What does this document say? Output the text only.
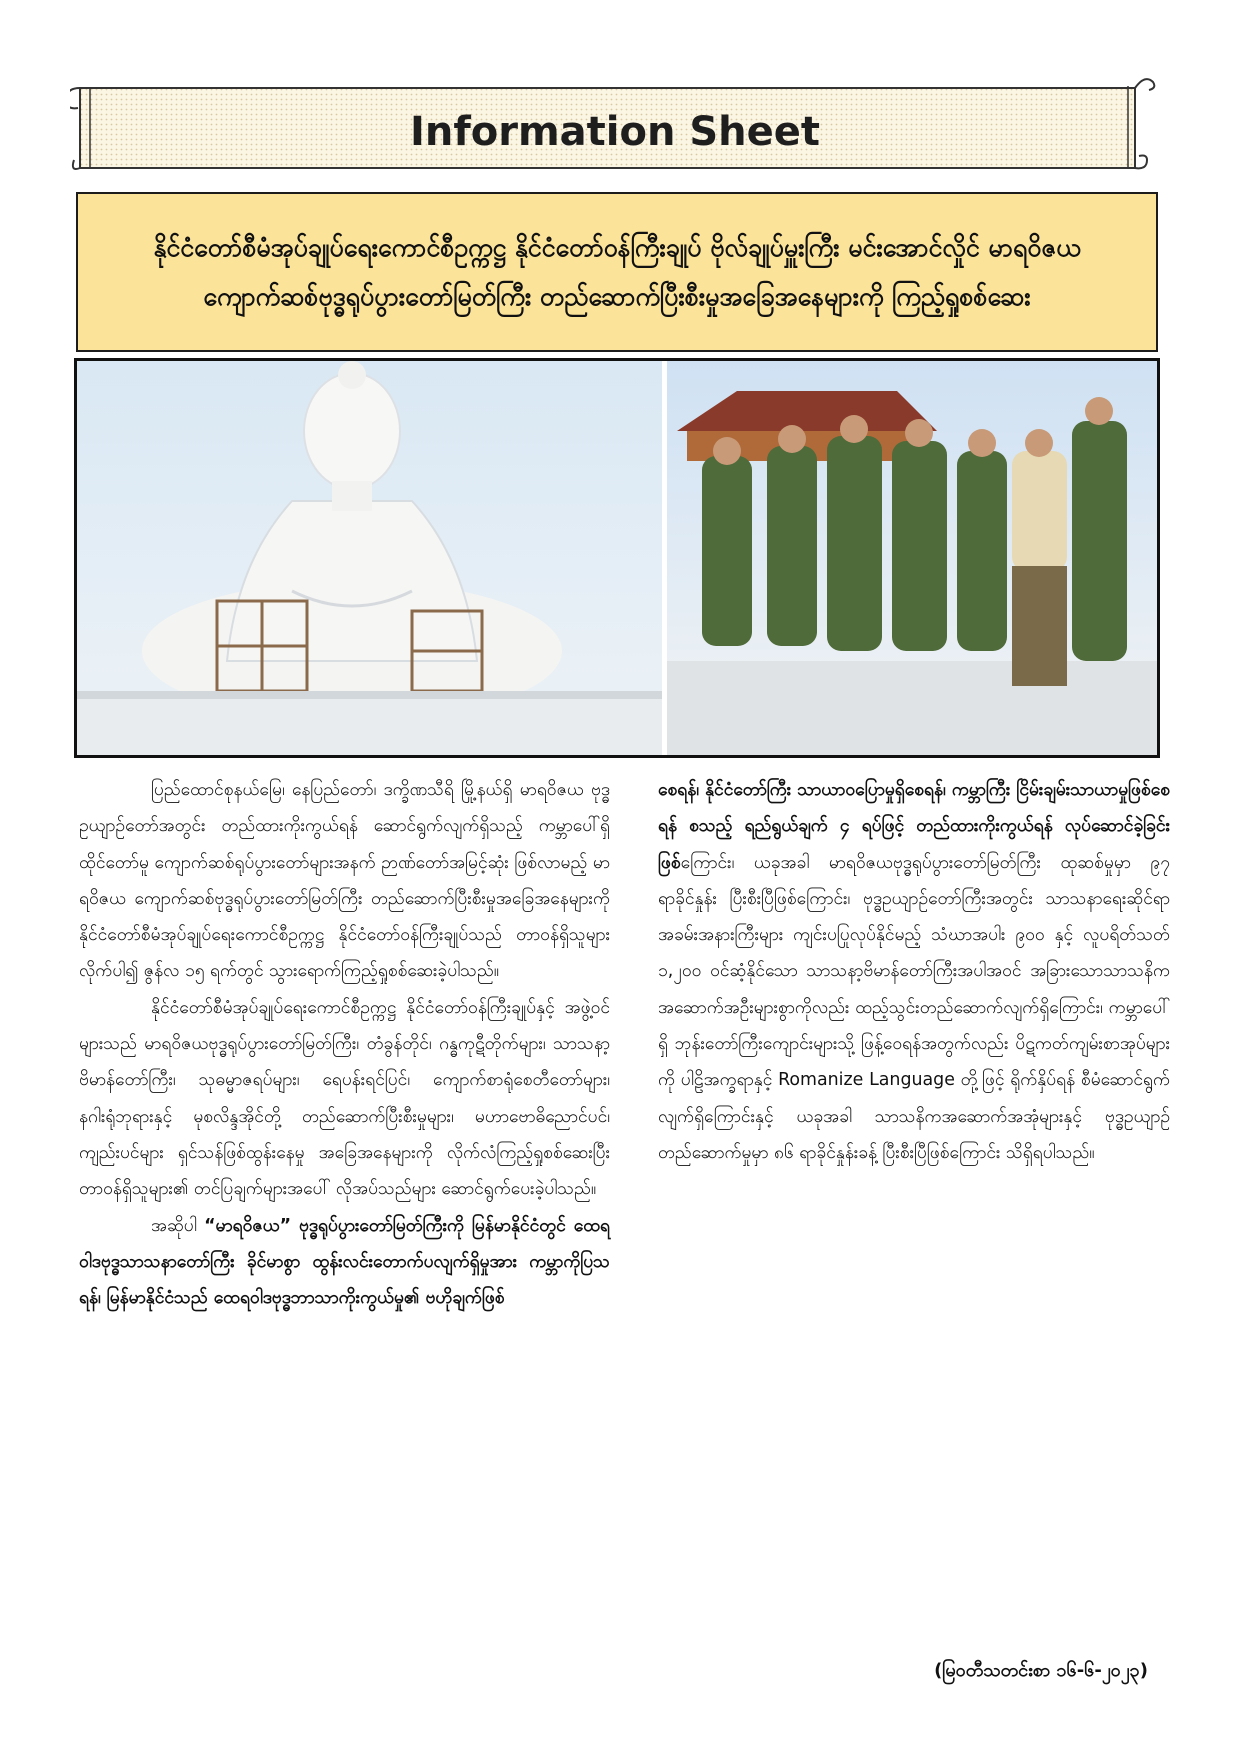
Information Sheet
နိုင်ငံတော်စီမံအုပ်ချုပ်ရေးကောင်စီဥက္ကဋ္ဌ နိုင်ငံတော်ဝန်ကြီးချုပ် ဗိုလ်ချုပ်မှူးကြီး မင်းအောင်လှိုင် မာရဝိဇယ ကျောက်ဆစ်ဗုဒ္ဓရုပ်ပွားတော်မြတ်ကြီး တည်ဆောက်ပြီးစီးမှုအခြေအနေများကို ကြည့်ရှုစစ်ဆေး

ပြည်ထောင်စုနယ်မြေ၊ နေပြည်တော်၊ ဒက္ခိဏသီရိ မြို့နယ်ရှိ မာရဝိဇယ ဗုဒ္ဓဥယျာဉ်တော်အတွင်း တည်ထားကိုးကွယ်ရန် ဆောင်ရွက်လျက်ရှိသည့် ကမ္ဘာပေါ်ရှိ ထိုင်တော်မူ ကျောက်ဆစ်ရုပ်ပွားတော်များအနက် ဉာဏ်တော်အမြင့်ဆုံး ဖြစ်လာမည့် မာရဝိဇယ ကျောက်ဆစ်ဗုဒ္ဓရုပ်ပွားတော်မြတ်ကြီး တည်ဆောက်ပြီးစီးမှုအခြေအနေများကို နိုင်ငံတော်စီမံအုပ်ချုပ်ရေးကောင်စီဥက္ကဋ္ဌ နိုင်ငံတော်ဝန်ကြီးချုပ်သည် တာဝန်ရှိသူများလိုက်ပါ၍ ဇွန်လ ၁၅ ရက်တွင် သွားရောက်ကြည့်ရှုစစ်ဆေးခဲ့ပါသည်။

နိုင်ငံတော်စီမံအုပ်ချုပ်ရေးကောင်စီဥက္ကဋ္ဌ နိုင်ငံတော်ဝန်ကြီးချုပ်နှင့် အဖွဲ့ဝင်များသည် မာရဝိဇယဗုဒ္ဓရုပ်ပွားတော်မြတ်ကြီး၊ တံခွန်တိုင်၊ ဂန္ဓကုဋီတိုက်များ၊ သာသနာ့ဗိမာန်တော်ကြီး၊ သုဓမ္မာဇရပ်များ၊ ရေပန်းရင်ပြင်၊ ကျောက်စာရုံစေတီတော်များ၊ နဂါးရုံဘုရားနှင့် မုစလိန္ဒအိုင်တို့ တည်ဆောက်ပြီးစီးမှုများ၊ မဟာဗောဓိညောင်ပင်၊ ကျည်းပင်များ ရှင်သန်ဖြစ်ထွန်းနေမှု အခြေအနေများကို လိုက်လံကြည့်ရှုစစ်ဆေးပြီး တာဝန်ရှိသူများ၏ တင်ပြချက်များအပေါ် လိုအပ်သည်များ ဆောင်ရွက်ပေးခဲ့ပါသည်။

အဆိုပါ “မာရဝိဇယ” ဗုဒ္ဓရုပ်ပွားတော်မြတ်ကြီးကို မြန်မာနိုင်ငံတွင် ထေရဝါဒဗုဒ္ဓသာသနာတော်ကြီး ခိုင်မာစွာ ထွန်းလင်းတောက်ပလျက်ရှိမှုအား ကမ္ဘာကိုပြသရန်၊ မြန်မာနိုင်ငံသည် ထေရဝါဒဗုဒ္ဓဘာသာကိုးကွယ်မှု၏ ဗဟိုချက်ဖြစ်

စေရန်၊ နိုင်ငံတော်ကြီး သာယာဝပြောမှုရှိစေရန်၊ ကမ္ဘာကြီး ငြိမ်းချမ်းသာယာမှုဖြစ်စေရန် စသည့် ရည်ရွယ်ချက် ၄ ရပ်ဖြင့် တည်ထားကိုးကွယ်ရန် လုပ်ဆောင်ခဲ့ခြင်းဖြစ်ကြောင်း၊ ယခုအခါ မာရဝိဇယဗုဒ္ဓရုပ်ပွားတော်မြတ်ကြီး ထုဆစ်မှုမှာ ၉၇ ရာခိုင်နှုန်း ပြီးစီးပြီဖြစ်ကြောင်း၊ ဗုဒ္ဓဥယျာဉ်တော်ကြီးအတွင်း သာသနာရေးဆိုင်ရာ အခမ်းအနားကြီးများ ကျင်းပပြုလုပ်နိုင်မည့် သံဃာအပါး ၉၀၀ နှင့် လူပရိတ်သတ် ၁,၂၀၀ ဝင်ဆံ့နိုင်သော သာသနာ့ဗိမာန်တော်ကြီးအပါအဝင် အခြားသောသာသနိကအဆောက်အဦးများစွာကိုလည်း ထည့်သွင်းတည်ဆောက်လျက်ရှိကြောင်း၊ ကမ္ဘာပေါ်ရှိ ဘုန်းတော်ကြီးကျောင်းများသို့ ဖြန့်ဝေရန်အတွက်လည်း ပိဋကတ်ကျမ်းစာအုပ်များကို ပါဠိအက္ခရာနှင့် Romanize Language တို့ဖြင့် ရိုက်နှိပ်ရန် စီမံဆောင်ရွက်လျက်ရှိကြောင်းနှင့် ယခုအခါ သာသနိကအဆောက်အအုံများနှင့် ဗုဒ္ဓဥယျာဉ်တည်ဆောက်မှုမှာ ၈၆ ရာခိုင်နှုန်းခန့် ပြီးစီးပြီဖြစ်ကြောင်း သိရှိရပါသည်။

(မြဝတီသတင်းစာ ၁၆-၆-၂၀၂၃)
